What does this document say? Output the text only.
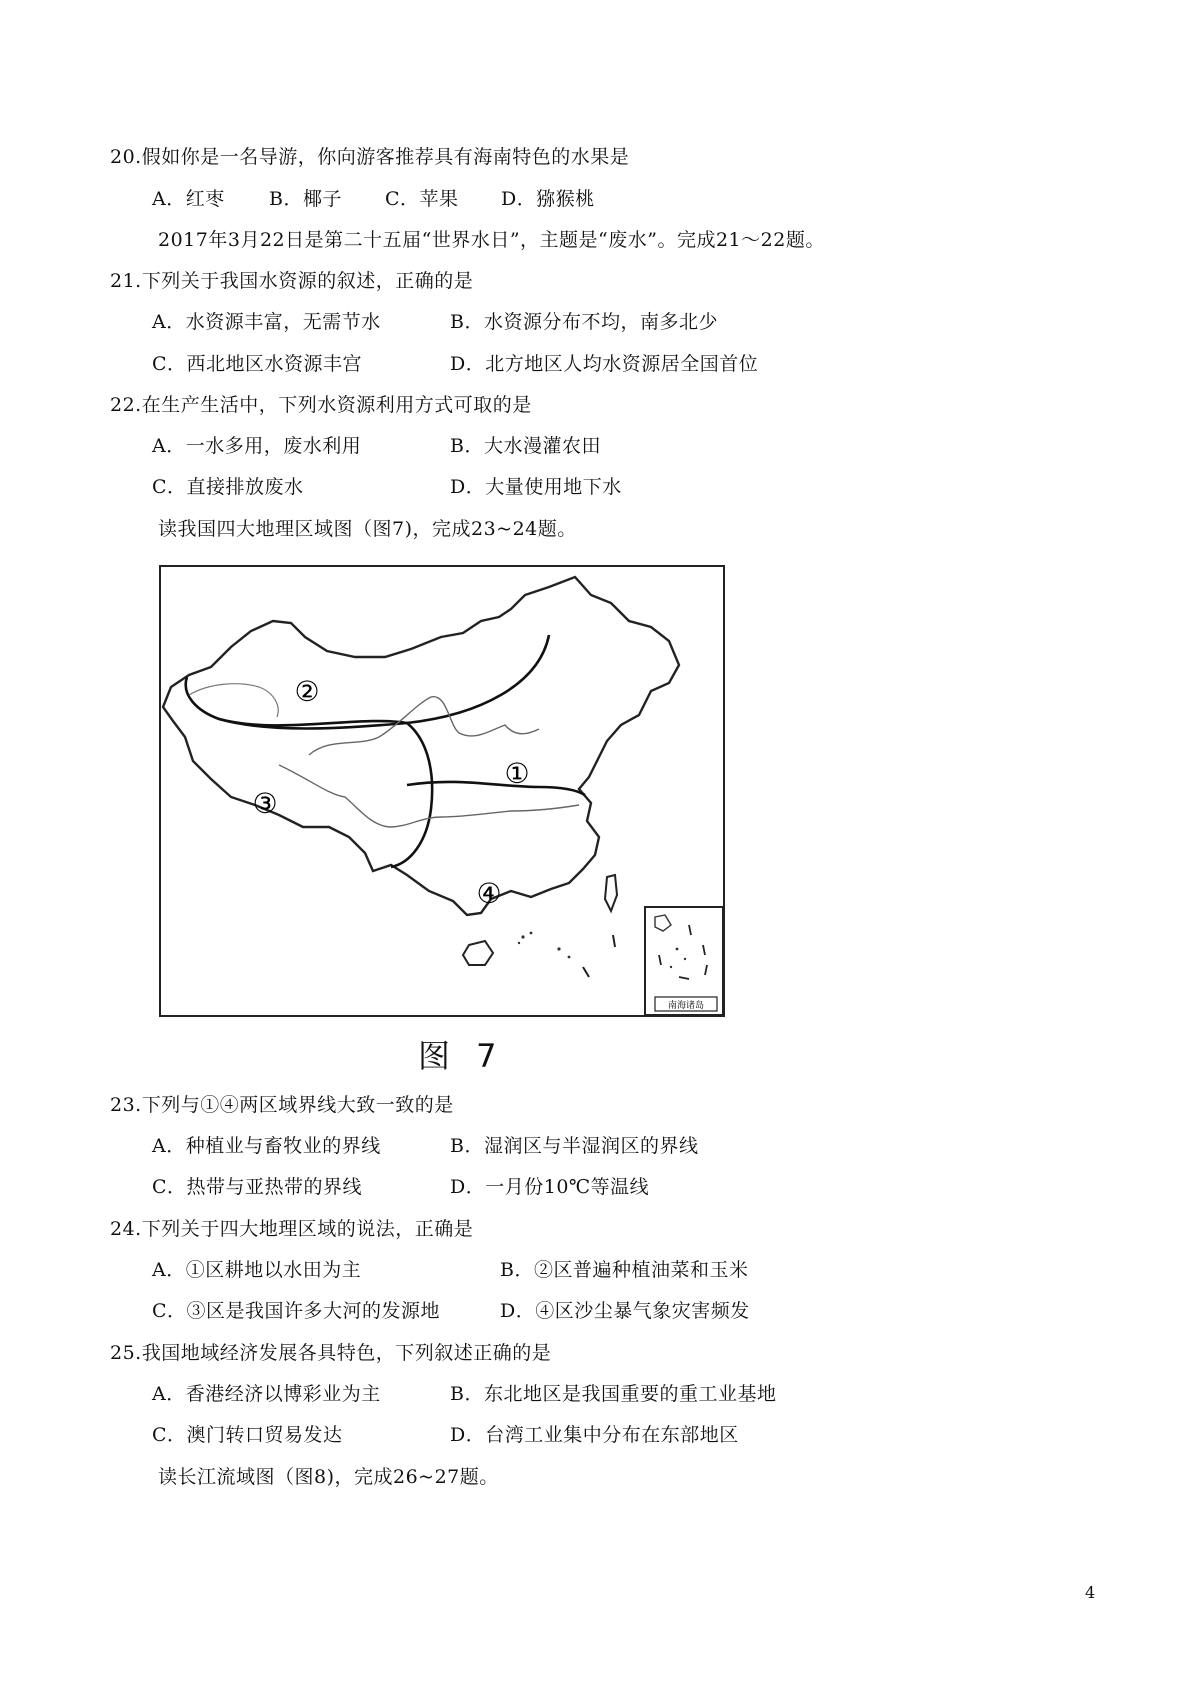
20.假如你是一名导游，你向游客推荐具有海南特色的水果是
A．红枣 B．椰子 C．苹果 D．猕猴桃
2017年3月22日是第二十五届“世界水日”，主题是“废水”。完成21～22题。
21.下列关于我国水资源的叙述，正确的是
A．水资源丰富，无需节水	B．水资源分布不均，南多北少
C．西北地区水资源丰宫	D．北方地区人均水资源居全国首位
22.在生产生活中，下列水资源利用方式可取的是
A．一水多用，废水利用	B．大水漫灌农田
C．直接排放废水	D．大量使用地下水
读我国四大地理区域图（图7)，完成23~24题。
②
①
③
④
南海诸岛
图 7
23.下列与①④两区域界线大致一致的是
A．种植业与畜牧业的界线	B．湿润区与半湿润区的界线
C．热带与亚热带的界线	D．一月份10℃等温线
24.下列关于四大地理区域的说法，正确是
A．①区耕地以水田为主	B．②区普遍种植油菜和玉米
C．③区是我国许多大河的发源地	D．④区沙尘暴气象灾害频发
25.我国地域经济发展各具特色，下列叙述正确的是
A．香港经济以博彩业为主	B．东北地区是我国重要的重工业基地
C．澳门转口贸易发达	D．台湾工业集中分布在东部地区
读长江流域图（图8)，完成26~27题。
4
